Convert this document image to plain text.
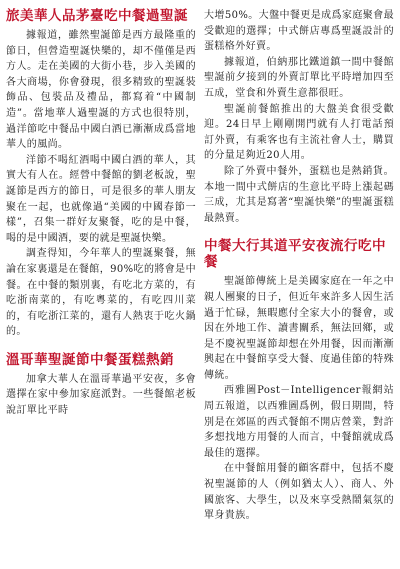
旅美華人品茅臺吃中餐過聖誕

據報道，雖然聖誕節是西方最隆重的節日，但營造聖誕快樂的，却不僅僅是西方人。走在美國的大街小巷，步入美國的各大商場，你會發現，很多精致的聖誕裝飾品、包裝品及禮品，都寫着“中國制造”。當地華人過聖誕的方式也很特別，過洋節吃中餐品中國白酒已漸漸成爲當地華人的風尚。

洋節不喝紅酒喝中國白酒的華人，其實大有人在。經營中餐館的劉老板說，聖誕節是西方的節日，可是很多的華人朋友聚在一起，也就像過“美國的中國春節一樣”，召集一群好友聚餐，吃的是中餐，喝的是中國酒，要的就是聖誕快樂。

調查得知，今年華人的聖誕聚餐，無論在家裏還是在餐館，90%吃的將會是中餐。在中餐的類別裏，有吃北方菜的，有吃浙南菜的，有吃粵菜的，有吃四川菜的，有吃浙江菜的，還有人熱衷于吃火鍋的。

溫哥華聖誕節中餐蛋糕熱銷

加拿大華人在溫哥華過平安夜，多會選擇在家中參加家庭派對。一些餐館老板說訂單比平時

大增50%。大盤中餐更是成爲家庭聚會最受歡迎的選擇；中式餅店專爲聖誕設計的蛋糕格外好賣。

據報道，伯納那比鐵道鎮一間中餐館聖誕前夕接到的外賣訂單比平時增加四至五成，堂食和外賣生意都很旺。

聖誕前餐館推出的大盤美食很受歡迎。24日早上剛剛開門就有人打電話預訂外賣，有乘客也有主流社會人士，購買的分量足夠近20人用。

除了外賣中餐外，蛋糕也是熱銷貨。本地一間中式餅店的生意比平時上漲起碼三成，尤其是寫著“聖誕快樂”的聖誕蛋糕最熱賣。

中餐大行其道平安夜流行吃中餐

聖誕節傳統上是美國家庭在一年之中親人團聚的日子，但近年來許多人因生活過于忙碌，無暇應付全家大小的餐會，或因在外地工作、讀書關系，無法回鄉，或是不慶祝聖誕節却想在外用餐，因而漸漸興起在中餐館享受大餐、度過佳節的特殊傳統。

西雅圖Post－Intelligencer報網站周五報道，以西雅圖爲例，假日期間，特別是在郊區的西式餐館不開店營業，對許多想找地方用餐的人而言，中餐館就成爲最佳的選擇。

在中餐館用餐的顧客群中，包括不慶祝聖誕節的人（例如猶太人）、商人、外國旅客、大學生，以及來享受熱鬧氣氛的單身貴族。
